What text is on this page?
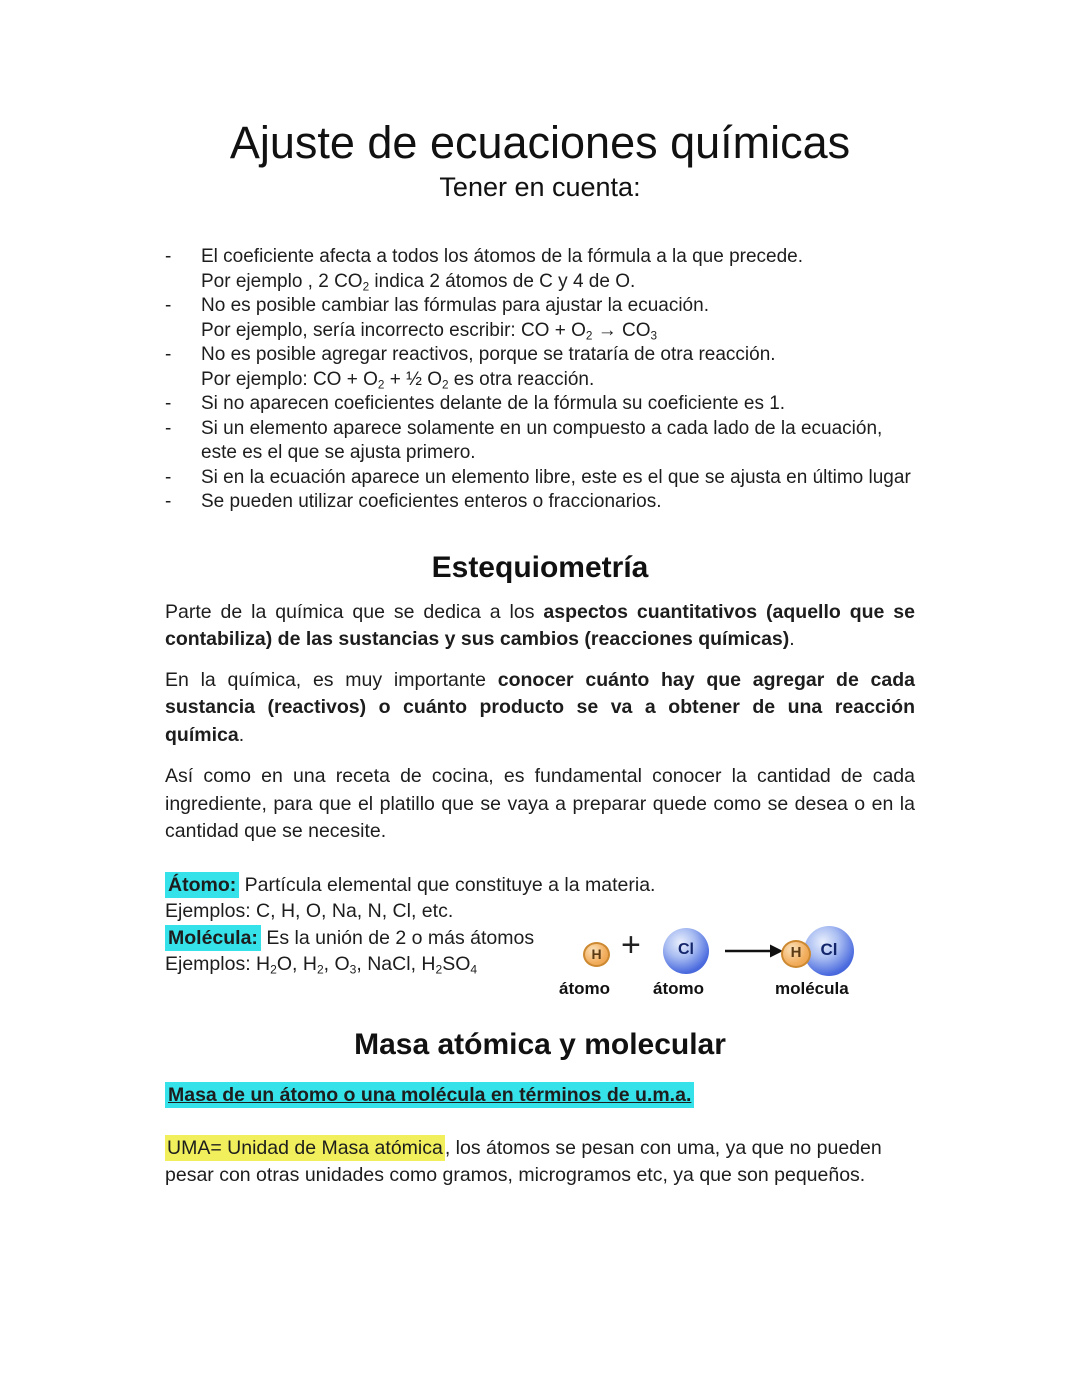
Ajuste de ecuaciones químicas
Tener en cuenta:
-	El coeficiente afecta a todos los átomos de la fórmula a la que precede.
Por ejemplo , 2 $CO_2$ indica 2 átomos de C y 4 de O.
-	No es posible cambiar las fórmulas para ajustar la ecuación.
Por ejemplo, sería incorrecto escribir: CO + $O_2 \to CO_3$
-	No es posible agregar reactivos, porque se trataría de otra reacción.
Por ejemplo: CO + $O_2$ + ½ $O_2$ es otra reacción.
-	Si no aparecen coeficientes delante de la fórmula su coeficiente es 1.
-	Si un elemento aparece solamente en un compuesto a cada lado de la ecuación, este es el que se ajusta primero.
-	Si en la ecuación aparece un elemento libre, este es el que se ajusta en último lugar
-	Se pueden utilizar coeficientes enteros o fraccionarios.
Estequiometría

Parte de la química que se dedica a los aspectos cuantitativos (aquello que se contabiliza) de las sustancias y sus cambios (reacciones químicas).

En la química, es muy importante conocer cuánto hay que agregar de cada sustancia (reactivos) o cuánto producto se va a obtener de una reacción química.

Así como en una receta de cocina, es fundamental conocer la cantidad de cada ingrediente, para que el platillo que se vaya a preparar quede como se desea o en la cantidad que se necesite.

Átomo: Partícula elemental que constituye a la materia.
Ejemplos: C, H, O, Na, N, Cl, etc.
Molécula: Es la unión de 2 o más átomos
Ejemplos: $H_2O$, $H_2$, $O_3$, NaCl, $H_2SO_4$
H +	Cl	H	Cl
átomo	átomo	molécula
Masa atómica y molecular
Masa de un átomo o una molécula en términos de u.m.a.

UMA= Unidad de Masa atómica , los átomos se pesan con uma, ya que no pueden pesar con otras unidades como gramos, microgramos etc, ya que son pequeños.
